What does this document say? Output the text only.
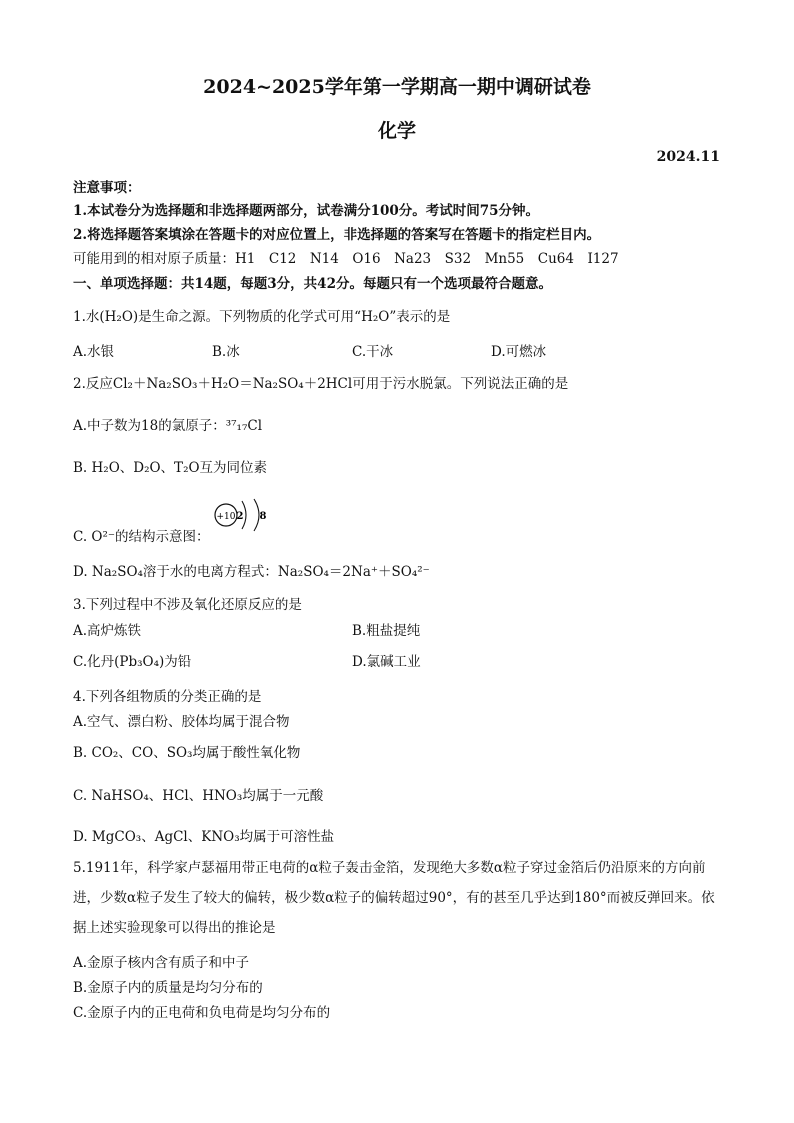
2024~2025学年第一学期高一期中调研试卷
化学
2024.11
注意事项：
1.本试卷分为选择题和非选择题两部分，试卷满分100分。考试时间75分钟。
2.将选择题答案填涂在答题卡的对应位置上，非选择题的答案写在答题卡的指定栏目内。
可能用到的相对原子质量：H1　C12　N14　O16　Na23　S32　Mn55　Cu64　I127
一、单项选择题：共14题，每题3分，共42分。每题只有一个选项最符合题意。
1.水(H₂O)是生命之源。下列物质的化学式可用“H₂O”表示的是
A.水银	B.冰	C.干冰	D.可燃冰
2.反应Cl₂＋Na₂SO₃＋H₂O＝Na₂SO₄＋2HCl可用于污水脱氯。下列说法正确的是
A.中子数为18的氯原子：³⁷₁₇Cl
B. H₂O、D₂O、T₂O互为同位素
C. O²⁻的结构示意图：
+10 2 8
D. Na₂SO₄溶于水的电离方程式：Na₂SO₄＝2Na⁺＋SO₄²⁻
3.下列过程中不涉及氧化还原反应的是
A.高炉炼铁	B.粗盐提纯
C.化丹(Pb₃O₄)为铅	D.氯碱工业
4.下列各组物质的分类正确的是
A.空气、漂白粉、胶体均属于混合物
B. CO₂、CO、SO₃均属于酸性氧化物
C. NaHSO₄、HCl、HNO₃均属于一元酸
D. MgCO₃、AgCl、KNO₃均属于可溶性盐
5.1911年，科学家卢瑟福用带正电荷的α粒子轰击金箔，发现绝大多数α粒子穿过金箔后仍沿原来的方向前进，少数α粒子发生了较大的偏转，极少数α粒子的偏转超过90°，有的甚至几乎达到180°而被反弹回来。依据上述实验现象可以得出的推论是
A.金原子核内含有质子和中子
B.金原子内的质量是均匀分布的
C.金原子内的正电荷和负电荷是均匀分布的
